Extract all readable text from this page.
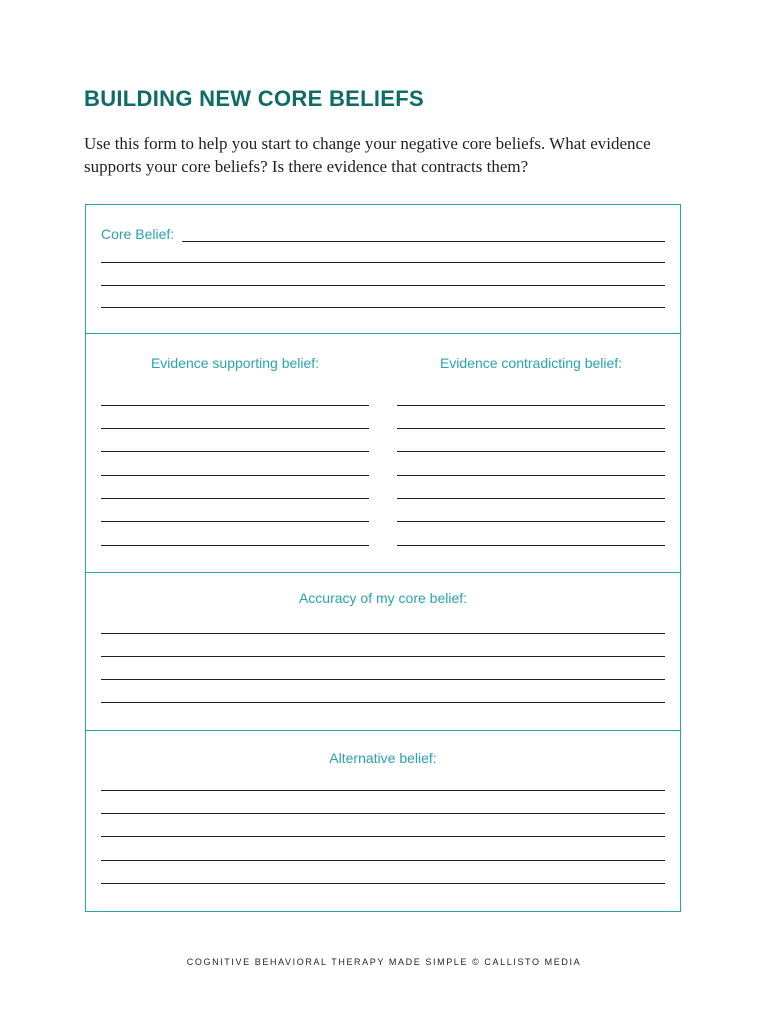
BUILDING NEW CORE BELIEFS
Use this form to help you start to change your negative core beliefs. What evidence supports your core beliefs? Is there evidence that contracts them?
Core Belief:
Evidence supporting belief:	Evidence contradicting belief:
Accuracy of my core belief:
Alternative belief:
COGNITIVE BEHAVIORAL THERAPY MADE SIMPLE © CALLISTO MEDIA
